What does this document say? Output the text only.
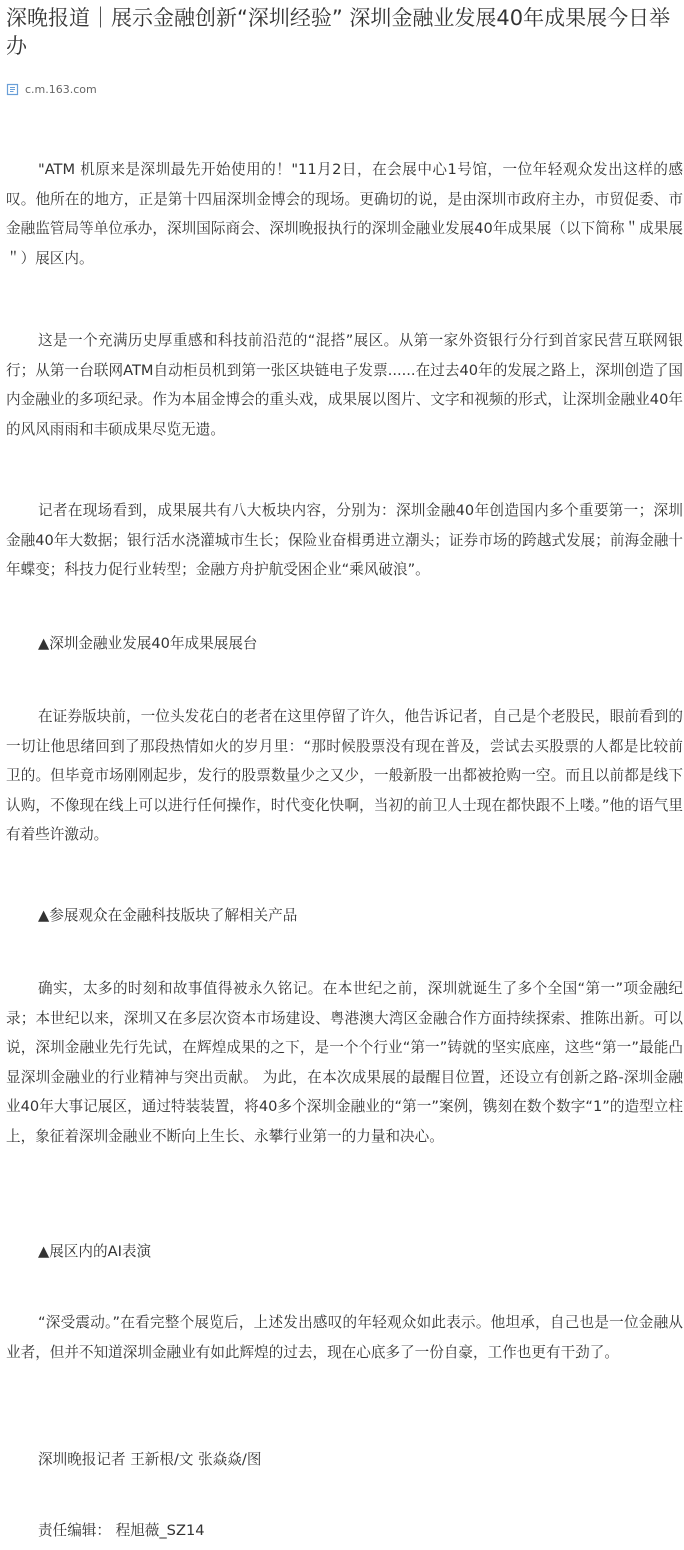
深晚报道｜展示金融创新“深圳经验” 深圳金融业发展40年成果展今日举办
c.m.163.com

"ATM 机原来是深圳最先开始使用的！"11月2日，在会展中心1号馆，一位年轻观众发出这样的感叹。他所在的地方，正是第十四届深圳金博会的现场。更确切的说，是由深圳市政府主办，市贸促委、市金融监管局等单位承办，深圳国际商会、深圳晚报执行的深圳金融业发展40年成果展（以下简称＂成果展＂）展区内。

这是一个充满历史厚重感和科技前沿范的“混搭”展区。从第一家外资银行分行到首家民营互联网银行；从第一台联网ATM自动柜员机到第一张区块链电子发票......在过去40年的发展之路上，深圳创造了国内金融业的多项纪录。作为本届金博会的重头戏，成果展以图片、文字和视频的形式，让深圳金融业40年的风风雨雨和丰硕成果尽览无遗。

记者在现场看到，成果展共有八大板块内容，分别为：深圳金融40年创造国内多个重要第一；深圳金融40年大数据；银行活水浇灌城市生长；保险业奋楫勇进立潮头；证券市场的跨越式发展；前海金融十年蝶变；科技力促行业转型；金融方舟护航受困企业“乘风破浪”。

▲深圳金融业发展40年成果展展台

在证券版块前，一位头发花白的老者在这里停留了许久，他告诉记者，自己是个老股民，眼前看到的一切让他思绪回到了那段热情如火的岁月里：“那时候股票没有现在普及，尝试去买股票的人都是比较前卫的。但毕竟市场刚刚起步，发行的股票数量少之又少，一般新股一出都被抢购一空。而且以前都是线下认购，不像现在线上可以进行任何操作，时代变化快啊，当初的前卫人士现在都快跟不上喽。”他的语气里有着些许激动。

▲参展观众在金融科技版块了解相关产品

确实，太多的时刻和故事值得被永久铭记。在本世纪之前，深圳就诞生了多个全国“第一”项金融纪录；本世纪以来，深圳又在多层次资本市场建设、粤港澳大湾区金融合作方面持续探索、推陈出新。可以说，深圳金融业先行先试，在辉煌成果的之下，是一个个行业“第一”铸就的坚实底座，这些“第一”最能凸显深圳金融业的行业精神与突出贡献。 为此，在本次成果展的最醒目位置，还设立有创新之路-深圳金融业40年大事记展区，通过特装装置，将40多个深圳金融业的“第一”案例，镌刻在数个数字“1”的造型立柱上，象征着深圳金融业不断向上生长、永攀行业第一的力量和决心。

▲展区内的AI表演

“深受震动。”在看完整个展览后，上述发出感叹的年轻观众如此表示。他坦承，自己也是一位金融从业者，但并不知道深圳金融业有如此辉煌的过去，现在心底多了一份自豪，工作也更有干劲了。

深圳晚报记者 王新根/文 张焱焱/图

责任编辑： 程旭薇_SZ14
